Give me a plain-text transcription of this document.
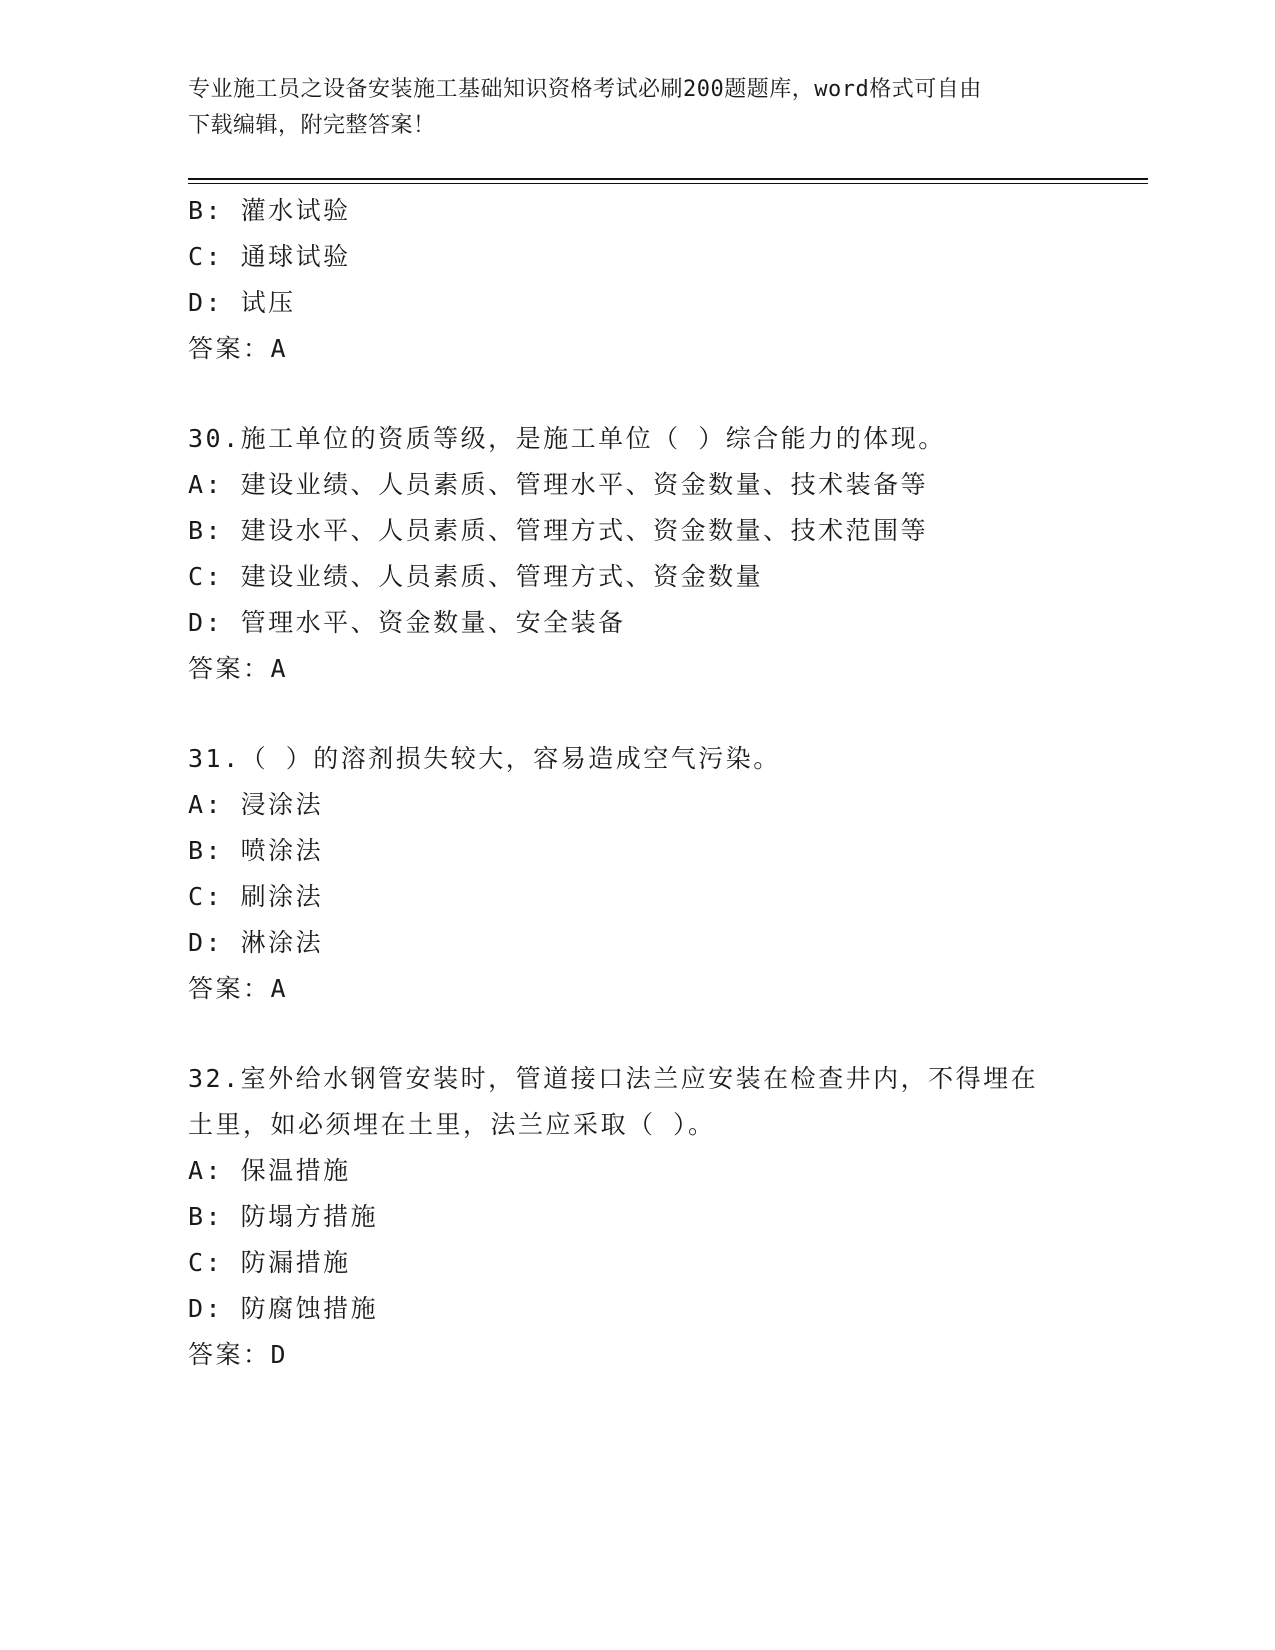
专业施工员之设备安装施工基础知识资格考试必刷200题题库，word格式可自由
下载编辑，附完整答案！
B: 灌水试验
C: 通球试验
D: 试压
答案：A
30.施工单位的资质等级，是施工单位（ ）综合能力的体现。
A: 建设业绩、人员素质、管理水平、资金数量、技术装备等
B: 建设水平、人员素质、管理方式、资金数量、技术范围等
C: 建设业绩、人员素质、管理方式、资金数量
D: 管理水平、资金数量、安全装备
答案：A
31.（ ）的溶剂损失较大，容易造成空气污染。
A: 浸涂法
B: 喷涂法
C: 刷涂法
D: 淋涂法
答案：A
32.室外给水钢管安装时，管道接口法兰应安装在检查井内，不得埋在
土里，如必须埋在土里，法兰应采取（ ）。
A: 保温措施
B: 防塌方措施
C: 防漏措施
D: 防腐蚀措施
答案：D
